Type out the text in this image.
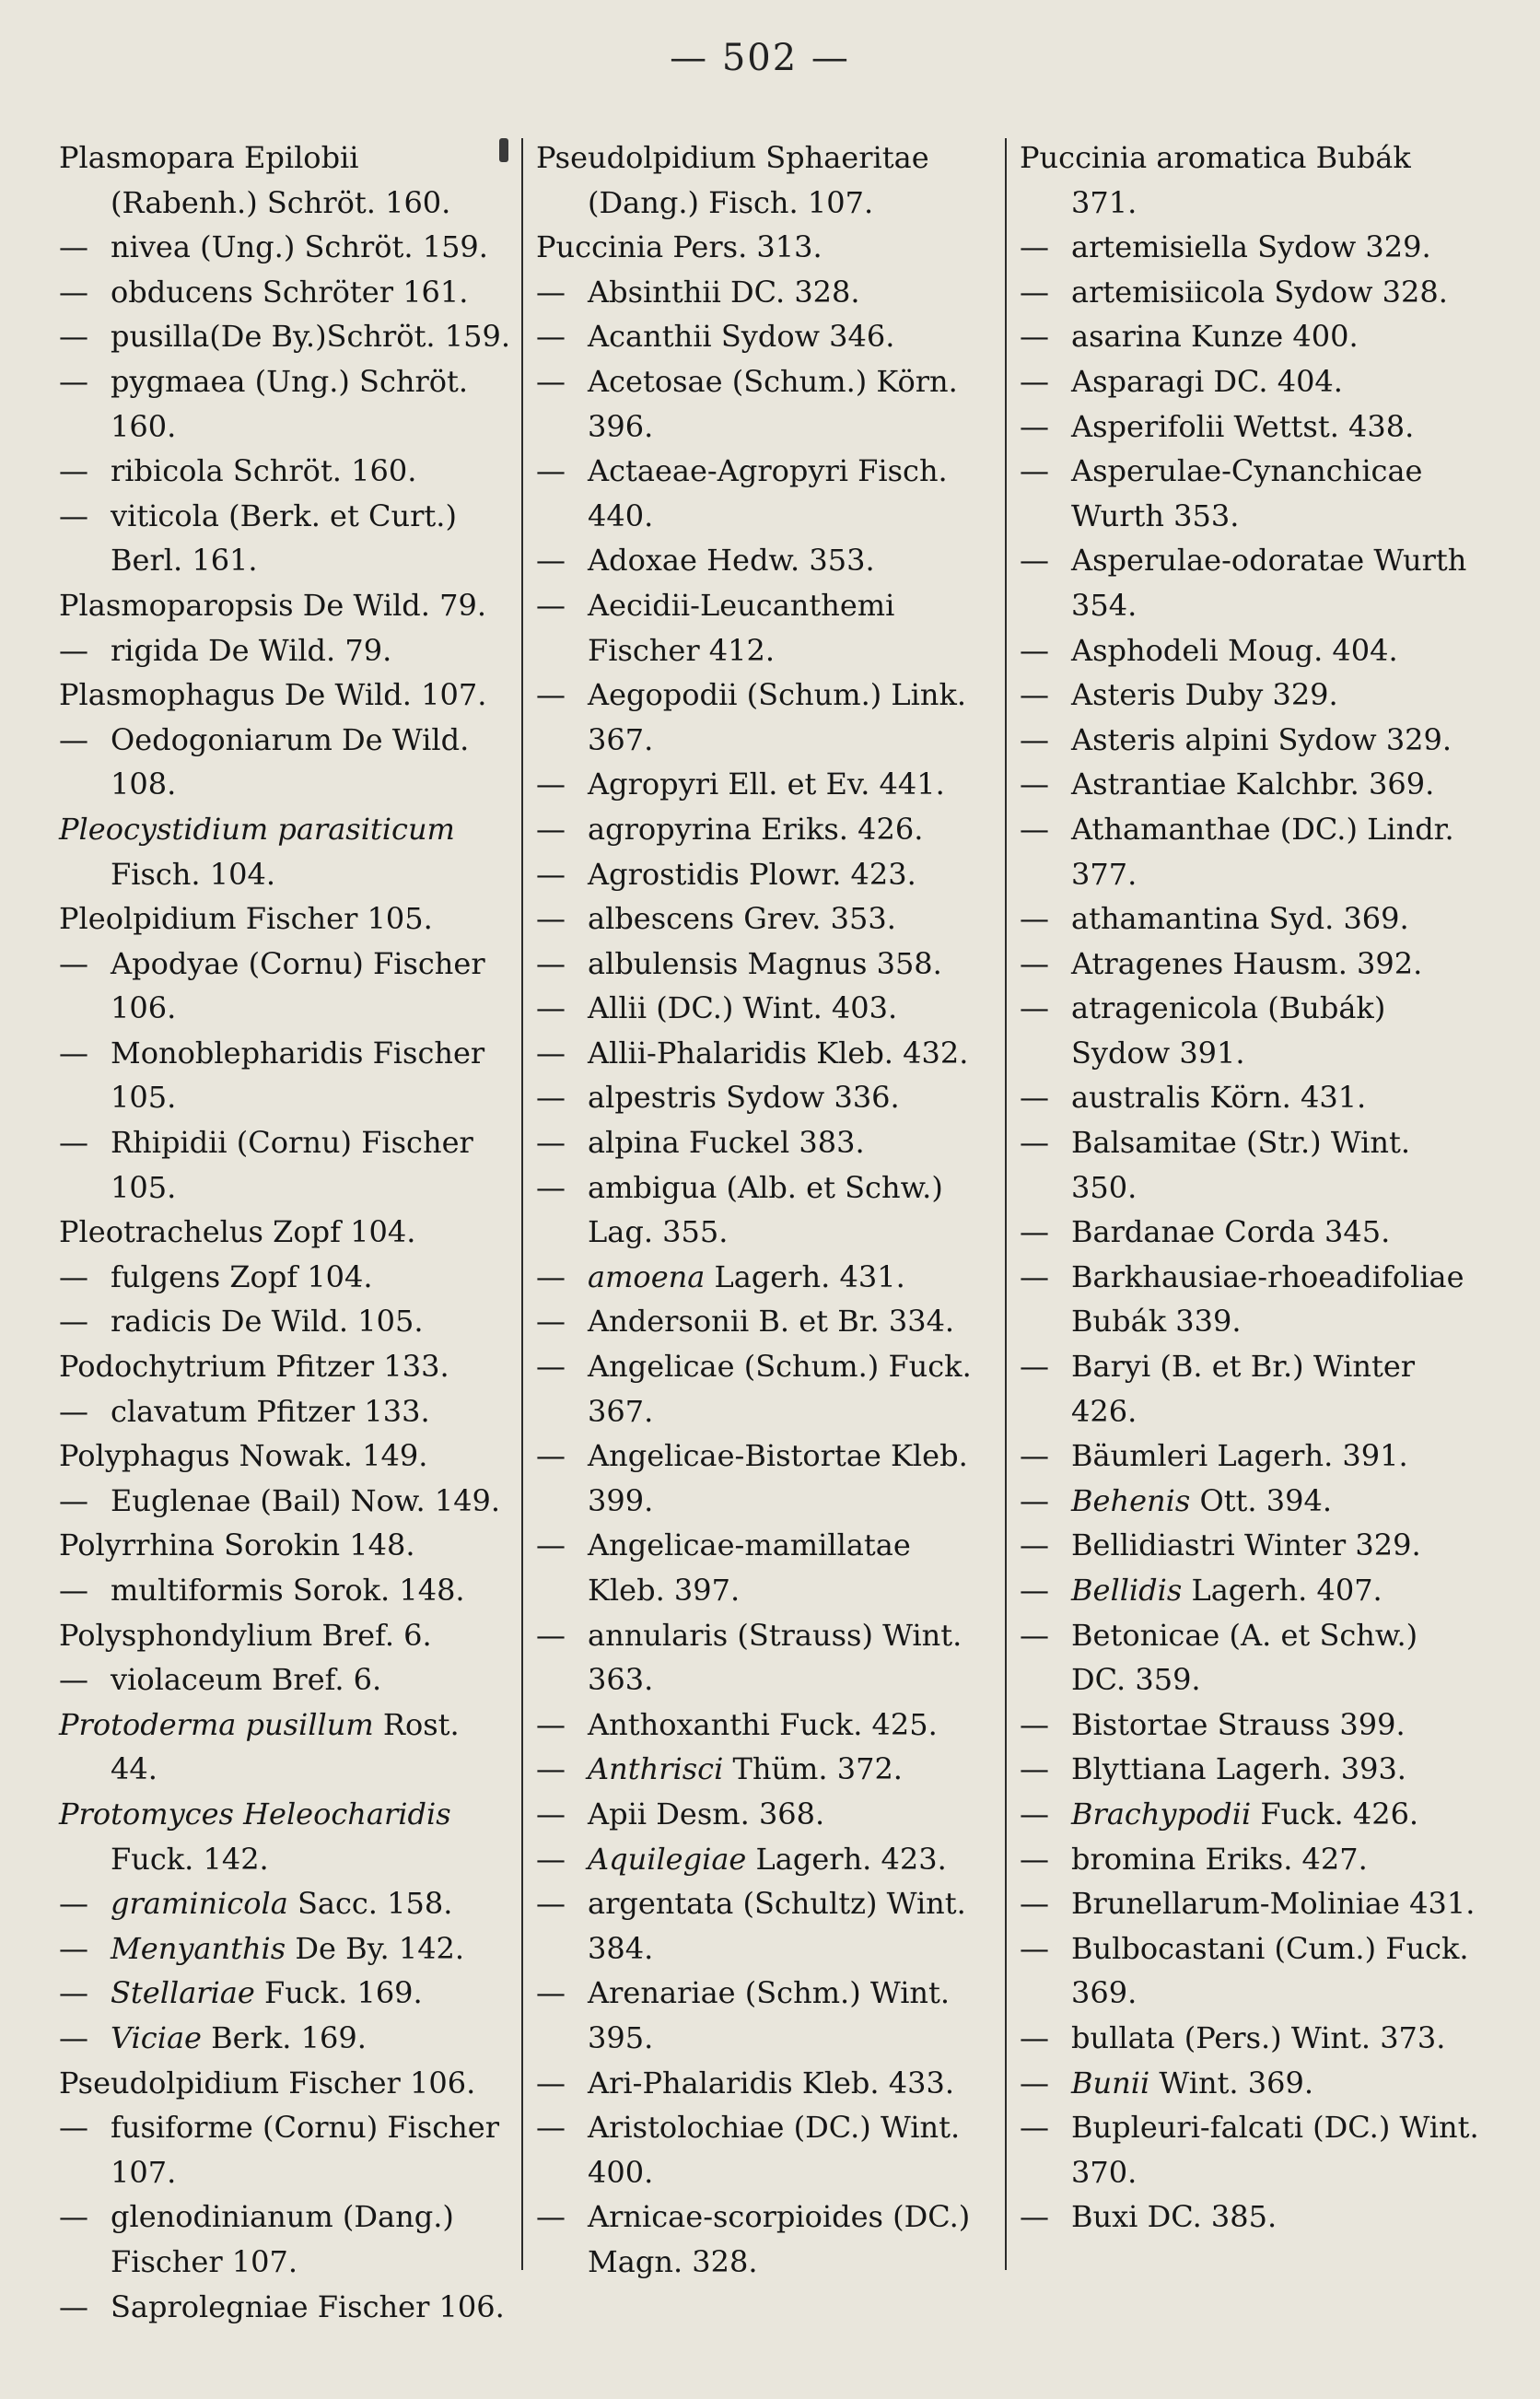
— 502 —
Plasmopara Epilobii (Rabenh.) Schröt. 160.
— nivea (Ung.) Schröt. 159.
— obducens Schröter 161.
— pusilla(De By.)Schröt. 159.
— pygmaea (Ung.) Schröt. 160.
— ribicola Schröt. 160.
— viticola (Berk. et Curt.) Berl. 161.
Plasmoparopsis De Wild. 79.
— rigida De Wild. 79.
Plasmophagus De Wild. 107.
— Oedogoniarum De Wild. 108.
Pleocystidium parasiticum Fisch. 104.
Pleolpidium Fischer 105.
— Apodyae (Cornu) Fischer 106.
— Monoblepharidis Fischer 105.
— Rhipidii (Cornu) Fischer 105.
Pleotrachelus Zopf 104.
— fulgens Zopf 104.
— radicis De Wild. 105.
Podochytrium Pfitzer 133.
— clavatum Pfitzer 133.
Polyphagus Nowak. 149.
— Euglenae (Bail) Now. 149.
Polyrrhina Sorokin 148.
— multiformis Sorok. 148.
Polysphondylium Bref. 6.
— violaceum Bref. 6.
Protoderma pusillum Rost. 44.
Protomyces Heleocharidis Fuck. 142.
— graminicola Sacc. 158.
— Menyanthis De By. 142.
— Stellariae Fuck. 169.
— Viciae Berk. 169.
Pseudolpidium Fischer 106.
— fusiforme (Cornu) Fischer 107.
— glenodinianum (Dang.) Fischer 107.
— Saprolegniae Fischer 106.
Pseudolpidium Sphaeritae (Dang.) Fisch. 107.
Puccinia Pers. 313.
— Absinthii DC. 328.
— Acanthii Sydow 346.
— Acetosae (Schum.) Körn. 396.
— Actaeae-Agropyri Fisch. 440.
— Adoxae Hedw. 353.
— Aecidii-Leucanthemi Fischer 412.
— Aegopodii (Schum.) Link. 367.
— Agropyri Ell. et Ev. 441.
— agropyrina Eriks. 426.
— Agrostidis Plowr. 423.
— albescens Grev. 353.
— albulensis Magnus 358.
— Allii (DC.) Wint. 403.
— Allii-Phalaridis Kleb. 432.
— alpestris Sydow 336.
— alpina Fuckel 383.
— ambigua (Alb. et Schw.) Lag. 355.
— amoena Lagerh. 431.
— Andersonii B. et Br. 334.
— Angelicae (Schum.) Fuck. 367.
— Angelicae-Bistortae Kleb. 399.
— Angelicae-mamillatae Kleb. 397.
— annularis (Strauss) Wint. 363.
— Anthoxanthi Fuck. 425.
— Anthrisci Thüm. 372.
— Apii Desm. 368.
— Aquilegiae Lagerh. 423.
— argentata (Schultz) Wint. 384.
— Arenariae (Schm.) Wint. 395.
— Ari-Phalaridis Kleb. 433.
— Aristolochiae (DC.) Wint. 400.
— Arnicae-scorpioides (DC.) Magn. 328.
Puccinia aromatica Bubák 371.
— artemisiella Sydow 329.
— artemisiicola Sydow 328.
— asarina Kunze 400.
— Asparagi DC. 404.
— Asperifolii Wettst. 438.
— Asperulae-Cynanchicae Wurth 353.
— Asperulae-odoratae Wurth 354.
— Asphodeli Moug. 404.
— Asteris Duby 329.
— Asteris alpini Sydow 329.
— Astrantiae Kalchbr. 369.
— Athamanthae (DC.) Lindr. 377.
— athamantina Syd. 369.
— Atragenes Hausm. 392.
— atragenicola (Bubák) Sydow 391.
— australis Körn. 431.
— Balsamitae (Str.) Wint. 350.
— Bardanae Corda 345.
— Barkhausiae-rhoeadifoliae Bubák 339.
— Baryi (B. et Br.) Winter 426.
— Bäumleri Lagerh. 391.
— Behenis Ott. 394.
— Bellidiastri Winter 329.
— Bellidis Lagerh. 407.
— Betonicae (A. et Schw.) DC. 359.
— Bistortae Strauss 399.
— Blyttiana Lagerh. 393.
— Brachypodii Fuck. 426.
— bromina Eriks. 427.
— Brunellarum-Moliniae 431.
— Bulbocastani (Cum.) Fuck. 369.
— bullata (Pers.) Wint. 373.
— Bunii Wint. 369.
— Bupleuri-falcati (DC.) Wint. 370.
— Buxi DC. 385.
